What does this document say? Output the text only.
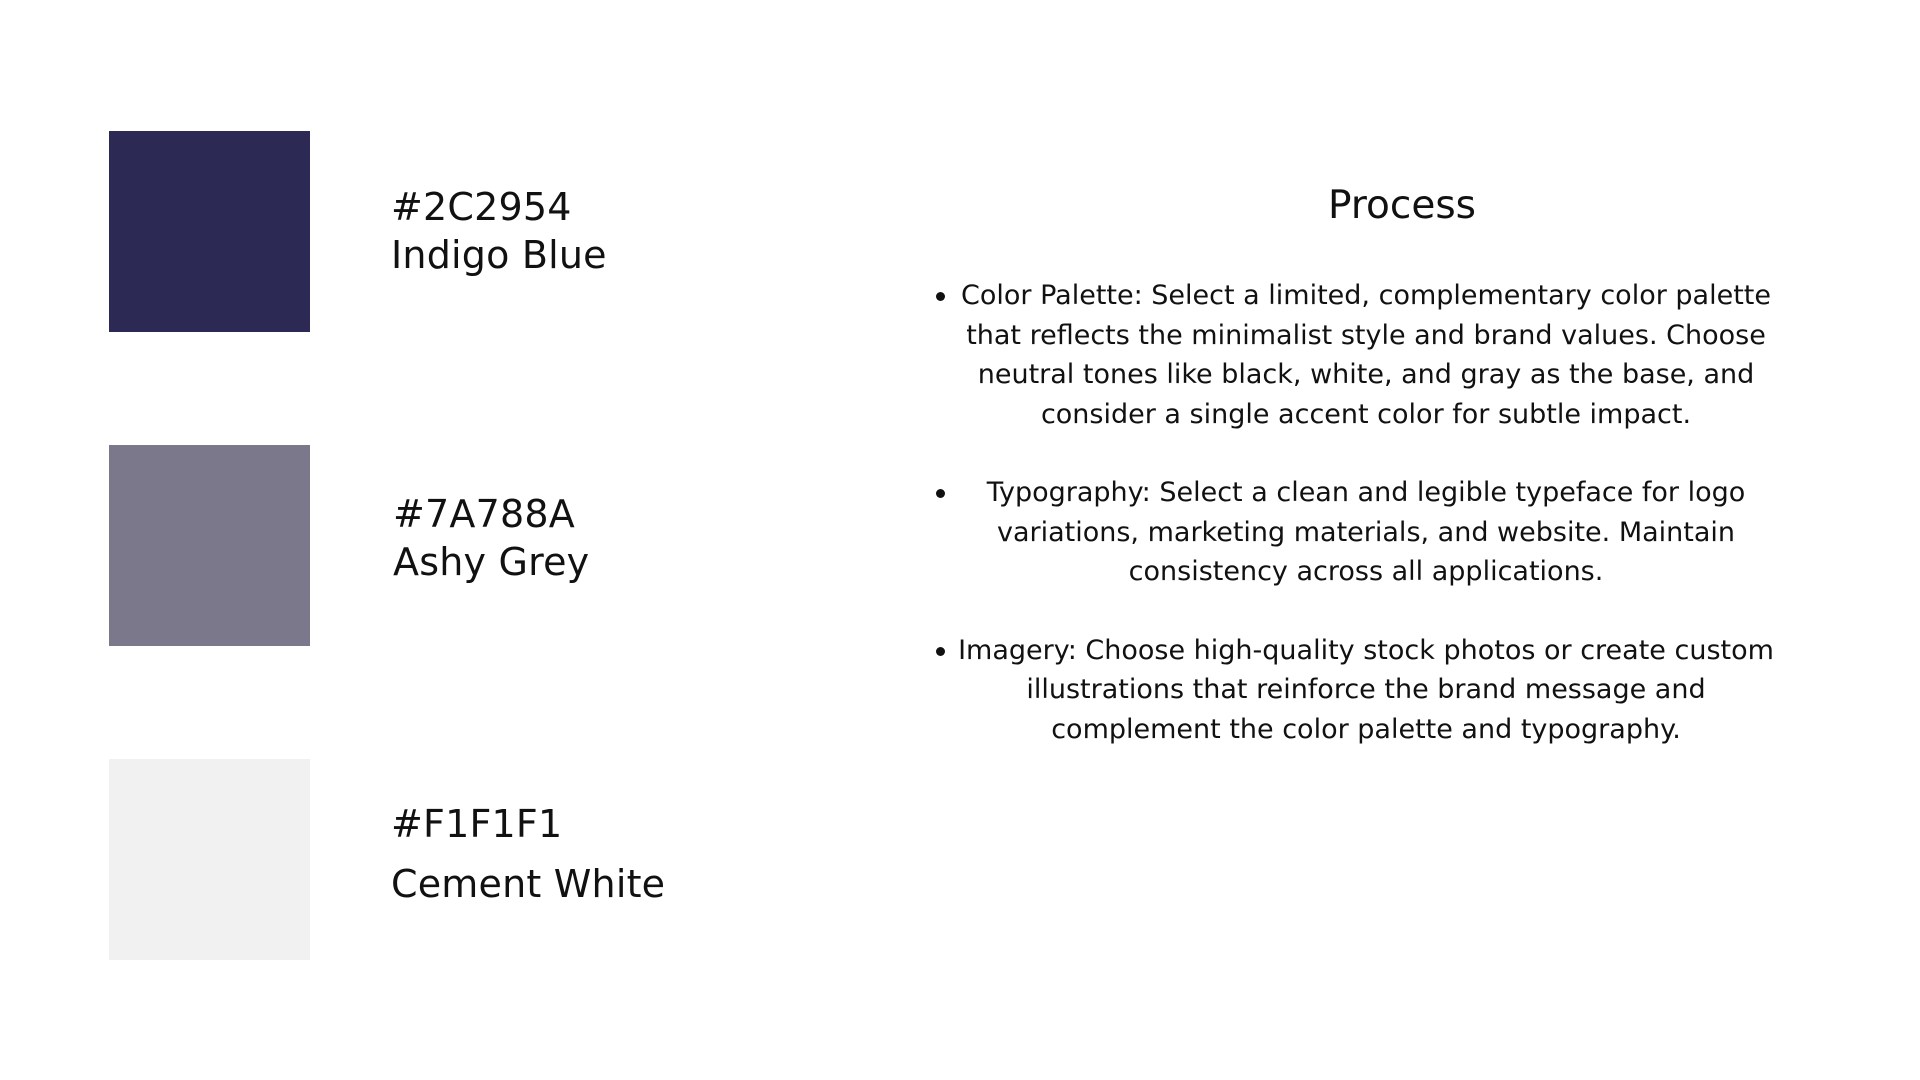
#2C2954
Indigo Blue
#7A788A
Ashy Grey
#F1F1F1
Cement White
Process
Color Palette: Select a limited, complementary color palette that reflects the minimalist style and brand values. Choose neutral tones like black, white, and gray as the base, and consider a single accent color for subtle impact.
Typography: Select a clean and legible typeface for logo variations, marketing materials, and website. Maintain consistency across all applications.
Imagery: Choose high-quality stock photos or create custom illustrations that reinforce the brand message and complement the color palette and typography.
